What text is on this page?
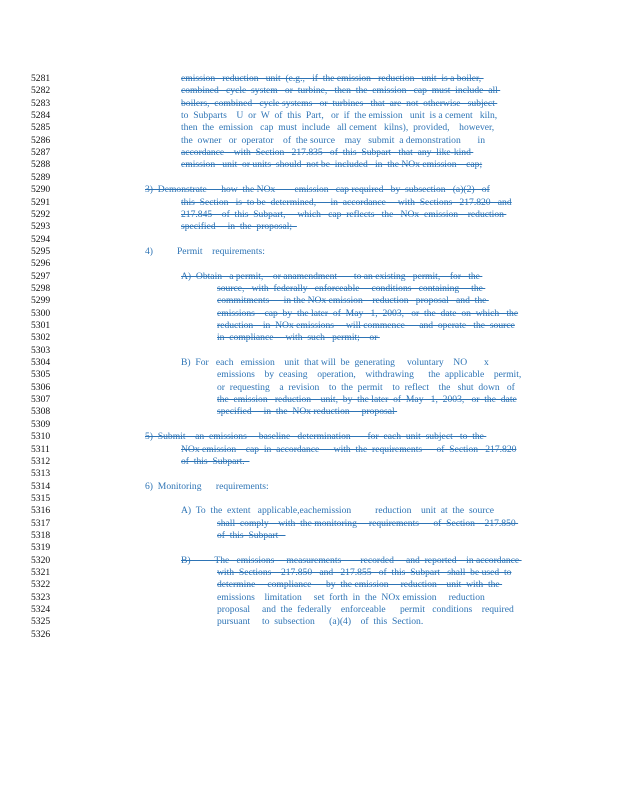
5281	emission   reduction   unit  (e.g.,   if  the emission   reduction   unit  is a boiler,
5282	combined   cycle  system   or  turbine,   then  the  emission   cap  must  include  all
5283	boilers,  combined   cycle systems   or  turbines   that  are  not  otherwise   subject
5284	to  Subparts    U  or  W  of  this  Part,   or  if  the emission   unit  is a cement   kiln,
5285	then  the  emission   cap  must  include   all cement   kilns),  provided,    however,
5286	the  owner   or  operator    of  the source    may   submit  a demonstration       in
5287	accordance    with  Section   217.835   of  this  Subpart   that  any  like-kind
5288	emission   unit  or units  should  not be  included   in  the NOx emission    cap;
5289
5290	3)  Demonstrate      how  the NOx        emission   cap required   by  subsection   (a)(2)   of
5291	this  Section   is  to be  determined,      in  accordance     with  Sections   217.820   and
5292	217.845    of  this  Subpart,     which   cap  reflects   the   NOx  emission    reduction
5293	specified     in  the  proposal;
5294
5295	4)          Permit    requirements:
5296
5297	A)  Obtain   a permit,    or anamendment       to an existing   permit,    for   the
5298	source,   with  federally   enforceable     conditions   containing     the
5299	commitments      in the NOx emission    reduction   proposal   and  the
5300	emissions    cap  by  the later  of  May   1,  2003,   or  the  date  on  which   the
5301	reduction    in  NOx emissions     will commence      and  operate   the  source
5302	in  compliance     with  such   permit;    or
5303
5304	B)  For   each   emission    unit  that will  be  generating     voluntary    NO       x
5305	emissions    by  ceasing    operation,    withdrawing      the  applicable    permit,
5306	or  requesting    a  revision    to  the  permit    to  reflect    the   shut  down   of
5307	the  emission   reduction    unit,  by  the later  of  May   1,  2003,   or  the  date
5308	specified     in  the  NOx reduction     proposal
5309
5310	5)  Submit    an  emissions     baseline   determination       for  each  unit  subject   to  the
5311	NOx emission    cap  in  accordance      with  the  requirements      of  Section   217.820
5312	of  this  Subpart.
5313
5314	6)  Monitoring      requirements:
5315
5316	A)  To  the  extent   applicable,eachemission          reduction    unit  at  the  source
5317	shall  comply    with  the monitoring     requirements      of  Section    217.850
5318	of  this  Subpart
5319
5320	B)          The   emissions     measurements        recorded     and  reported    in accordance
5321	with  Sections    217.850   and   217.855   of  this  Subpart   shall  be used  to
5322	determine     compliance      by  the emission     reduction    unit  with  the
5323	emissions    limitation     set  forth  in  the  NOx emission     reduction
5324	proposal     and  the  federally    enforceable      permit   conditions    required
5325	pursuant     to  subsection      (a)(4)    of  this  Section.
5326
